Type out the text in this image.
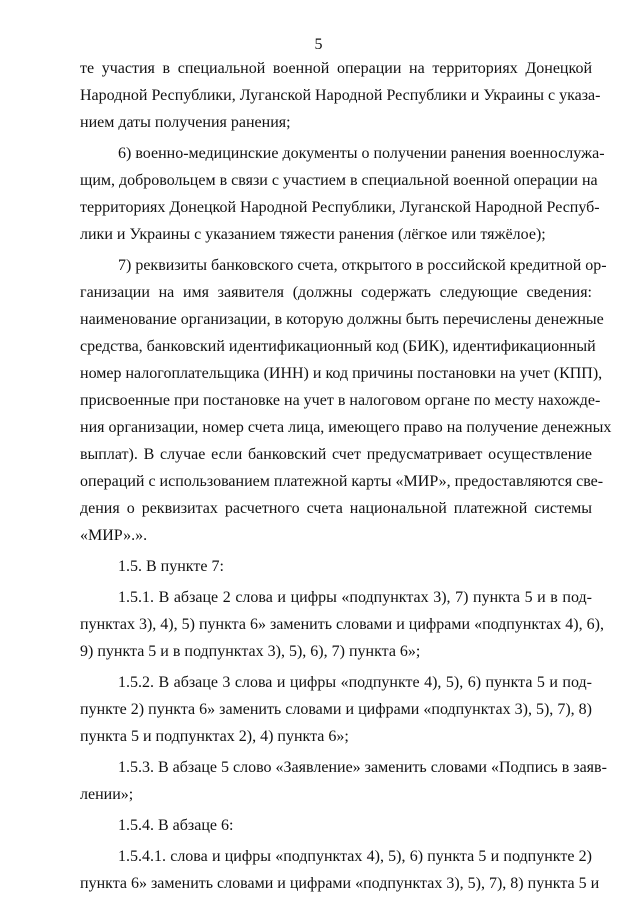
5
те участия в специальной военной операции на территориях Донецкой
Народной Республики, Луганской Народной Республики и Украины с указа-
нием даты получения ранения;
6) военно-медицинские документы о получении ранения военнослужа-
щим, добровольцем в связи с участием в специальной военной операции на
территориях Донецкой Народной Республики, Луганской Народной Респуб-
лики и Украины с указанием тяжести ранения (лёгкое или тяжёлое);
7) реквизиты банковского счета, открытого в российской кредитной ор-
ганизации на имя заявителя (должны содержать следующие сведения:
наименование организации, в которую должны быть перечислены денежные
средства, банковский идентификационный код (БИК), идентификационный
номер налогоплательщика (ИНН) и код причины постановки на учет (КПП),
присвоенные при постановке на учет в налоговом органе по месту нахожде-
ния организации, номер счета лица, имеющего право на получение денежных
выплат). В случае если банковский счет предусматривает осуществление
операций с использованием платежной карты «МИР», предоставляются све-
дения о реквизитах расчетного счета национальной платежной системы
«МИР».».
1.5. В пункте 7:
1.5.1. В абзаце 2 слова и цифры «подпунктах 3), 7) пункта 5 и в под-
пунктах 3), 4), 5) пункта 6» заменить словами и цифрами «подпунктах 4), 6),
9) пункта 5 и в подпунктах 3), 5), 6), 7) пункта 6»;
1.5.2. В абзаце 3 слова и цифры «подпункте 4), 5), 6) пункта 5 и под-
пункте 2) пункта 6» заменить словами и цифрами «подпунктах 3), 5), 7), 8)
пункта 5 и подпунктах 2), 4) пункта 6»;
1.5.3. В абзаце 5 слово «Заявление» заменить словами «Подпись в заяв-
лении»;
1.5.4. В абзаце 6:
1.5.4.1. слова и цифры «подпунктах 4), 5), 6) пункта 5 и подпункте 2)
пункта 6» заменить словами и цифрами «подпунктах 3), 5), 7), 8) пункта 5 и
